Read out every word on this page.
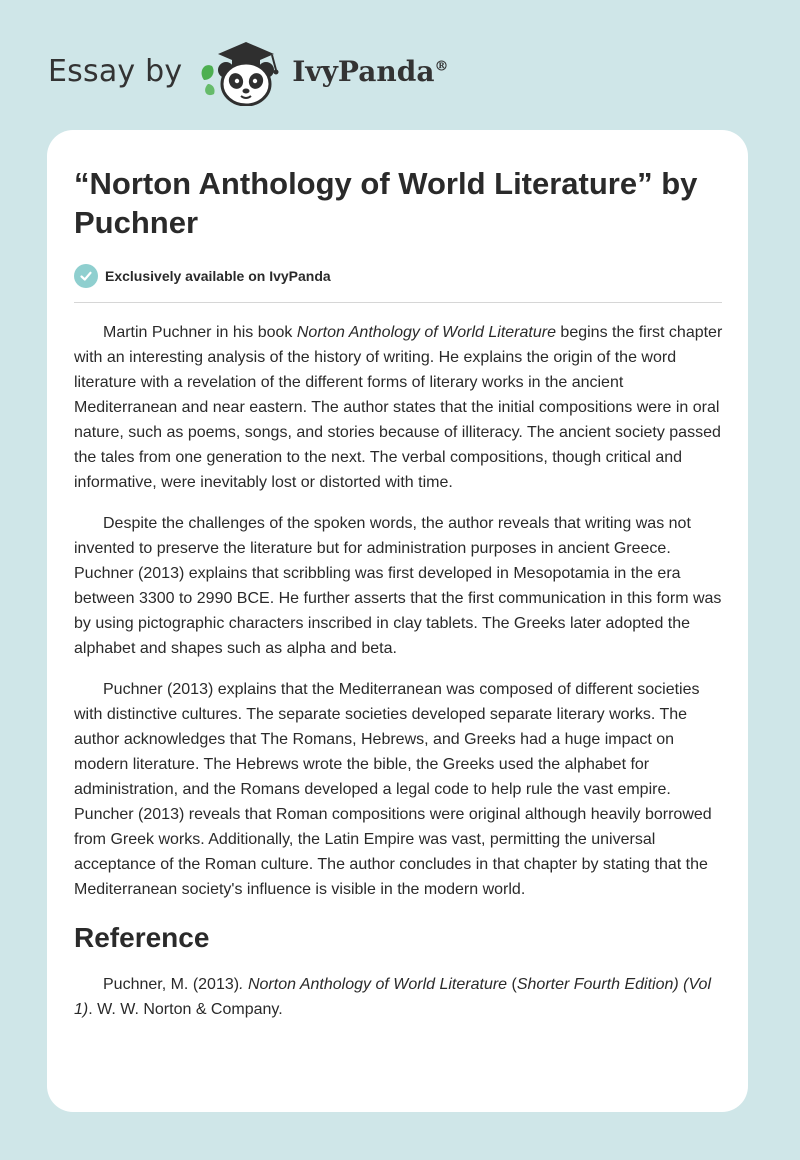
Essay by	IvyPanda®
“Norton Anthology of World Literature” by Puchner
Exclusively available on IvyPanda

Martin Puchner in his book Norton Anthology of World Literature begins the first chapter with an interesting analysis of the history of writing. He explains the origin of the word literature with a revelation of the different forms of literary works in the ancient Mediterranean and near eastern. The author states that the initial compositions were in oral nature, such as poems, songs, and stories because of illiteracy. The ancient society passed the tales from one generation to the next. The verbal compositions, though critical and informative, were inevitably lost or distorted with time.

Despite the challenges of the spoken words, the author reveals that writing was not invented to preserve the literature but for administration purposes in ancient Greece. Puchner (2013) explains that scribbling was first developed in Mesopotamia in the era between 3300 to 2990 BCE. He further asserts that the first communication in this form was by using pictographic characters inscribed in clay tablets. The Greeks later adopted the alphabet and shapes such as alpha and beta.

Puchner (2013) explains that the Mediterranean was composed of different societies with distinctive cultures. The separate societies developed separate literary works. The author acknowledges that The Romans, Hebrews, and Greeks had a huge impact on modern literature. The Hebrews wrote the bible, the Greeks used the alphabet for administration, and the Romans developed a legal code to help rule the vast empire. Puncher (2013) reveals that Roman compositions were original although heavily borrowed from Greek works. Additionally, the Latin Empire was vast, permitting the universal acceptance of the Roman culture. The author concludes in that chapter by stating that the Mediterranean society's influence is visible in the modern world.

Reference

Puchner, M. (2013). Norton Anthology of World Literature (Shorter Fourth Edition) (Vol 1). W. W. Norton & Company.
